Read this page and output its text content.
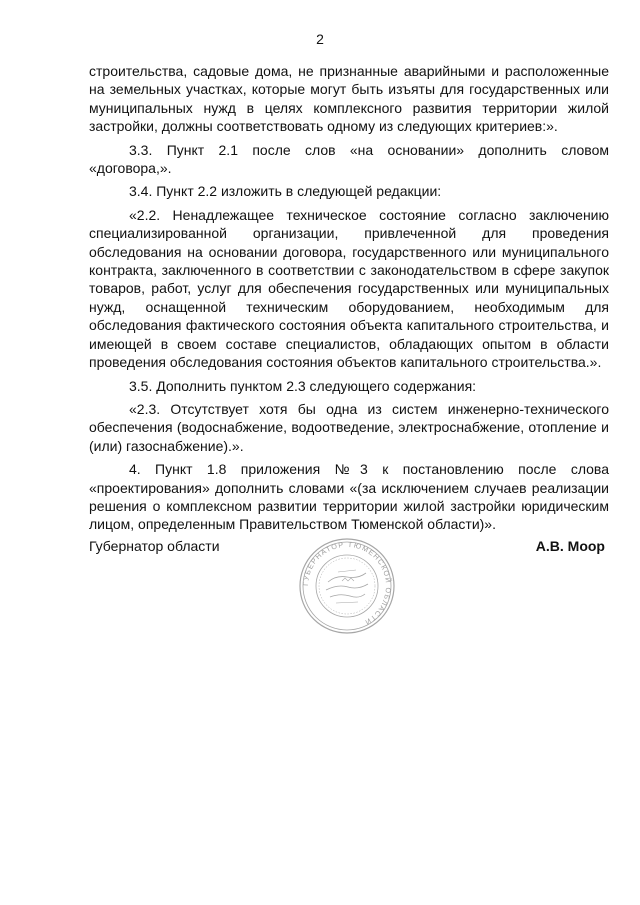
2

строительства, садовые дома, не признанные аварийными и расположенные на земельных участках, которые могут быть изъяты для государственных или муниципальных нужд в целях комплексного развития территории жилой застройки, должны соответствовать одному из следующих критериев:».

3.3. Пункт 2.1 после слов «на основании» дополнить словом «договора,».

3.4. Пункт 2.2 изложить в следующей редакции:

«2.2. Ненадлежащее техническое состояние согласно заключению специализированной организации, привлеченной для проведения обследования на основании договора, государственного или муниципального контракта, заключенного в соответствии с законодательством в сфере закупок товаров, работ, услуг для обеспечения государственных или муниципальных нужд, оснащенной техническим оборудованием, необходимым для обследования фактического состояния объекта капитального строительства, и имеющей в своем составе специалистов, обладающих опытом в области проведения обследования состояния объектов капитального строительства.».

3.5. Дополнить пунктом 2.3 следующего содержания:

«2.3. Отсутствует хотя бы одна из систем инженерно-технического обеспечения (водоснабжение, водоотведение, электроснабжение, отопление и (или) газоснабжение).».

4. Пункт 1.8 приложения №3 к постановлению после слова «проектирования» дополнить словами «(за исключением случаев реализации решения о комплексном развитии территории жилой застройки юридическим лицом, определенным Правительством Тюменской области)».

Губернатор области	А.В. Моор
ГУБЕРНАТОР ТЮМЕНСКОЙ ОБЛАСТИ
